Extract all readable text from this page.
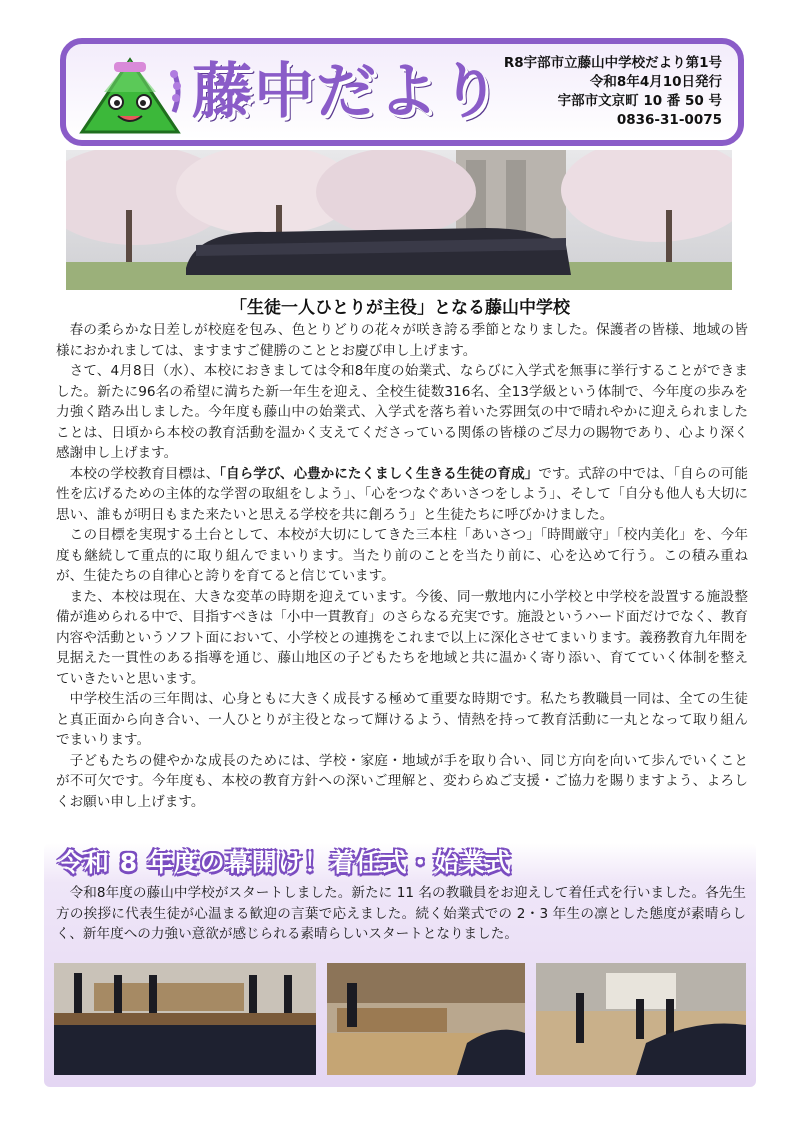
藤中だより R8宇部市立藤山中学校だより第1号
令和8年4月10日発行
宇部市文京町 10 番 50 号
0836-31-0075
「生徒一人ひとりが主役」となる藤山中学校

春の柔らかな日差しが校庭を包み、色とりどりの花々が咲き誇る季節となりました。保護者の皆様、地域の皆様におかれましては、ますますご健勝のこととお慶び申し上げます。

さて、4月8日（水）、本校におきましては令和8年度の始業式、ならびに入学式を無事に挙行することができました。新たに96名の希望に満ちた新一年生を迎え、全校生徒数316名、全13学級という体制で、今年度の歩みを力強く踏み出しました。今年度も藤山中の始業式、入学式を落ち着いた雰囲気の中で晴れやかに迎えられましたことは、日頃から本校の教育活動を温かく支えてくださっている関係の皆様のご尽力の賜物であり、心より深く感謝申し上げます。

本校の学校教育目標は、「自ら学び、心豊かにたくましく生きる生徒の育成」です。式辞の中では、「自らの可能性を広げるための主体的な学習の取組をしよう」、「心をつなぐあいさつをしよう」、そして「自分も他人も大切に思い、誰もが明日もまた来たいと思える学校を共に創ろう」と生徒たちに呼びかけました。

この目標を実現する土台として、本校が大切にしてきた三本柱「あいさつ」「時間厳守」「校内美化」を、今年度も継続して重点的に取り組んでまいります。当たり前のことを当たり前に、心を込めて行う。この積み重ねが、生徒たちの自律心と誇りを育てると信じています。

また、本校は現在、大きな変革の時期を迎えています。今後、同一敷地内に小学校と中学校を設置する施設整備が進められる中で、目指すべきは「小中一貫教育」のさらなる充実です。施設というハード面だけでなく、教育内容や活動というソフト面において、小学校との連携をこれまで以上に深化させてまいります。義務教育九年間を見据えた一貫性のある指導を通じ、藤山地区の子どもたちを地域と共に温かく寄り添い、育てていく体制を整えていきたいと思います。

中学校生活の三年間は、心身ともに大きく成長する極めて重要な時期です。私たち教職員一同は、全ての生徒と真正面から向き合い、一人ひとりが主役となって輝けるよう、情熱を持って教育活動に一丸となって取り組んでまいります。

子どもたちの健やかな成長のためには、学校・家庭・地域が手を取り合い、同じ方向を向いて歩んでいくことが不可欠です。今年度も、本校の教育方針への深いご理解と、変わらぬご支援・ご協力を賜りますよう、よろしくお願い申し上げます。

令和 8 年度の幕開け！着任式・始業式

令和8年度の藤山中学校がスタートしました。新たに 11 名の教職員をお迎えして着任式を行いました。各先生方の挨拶に代表生徒が心温まる歓迎の言葉で応えました。続く始業式での 2・3 年生の凛とした態度が素晴らしく、新年度への力強い意欲が感じられる素晴らしいスタートとなりました。
